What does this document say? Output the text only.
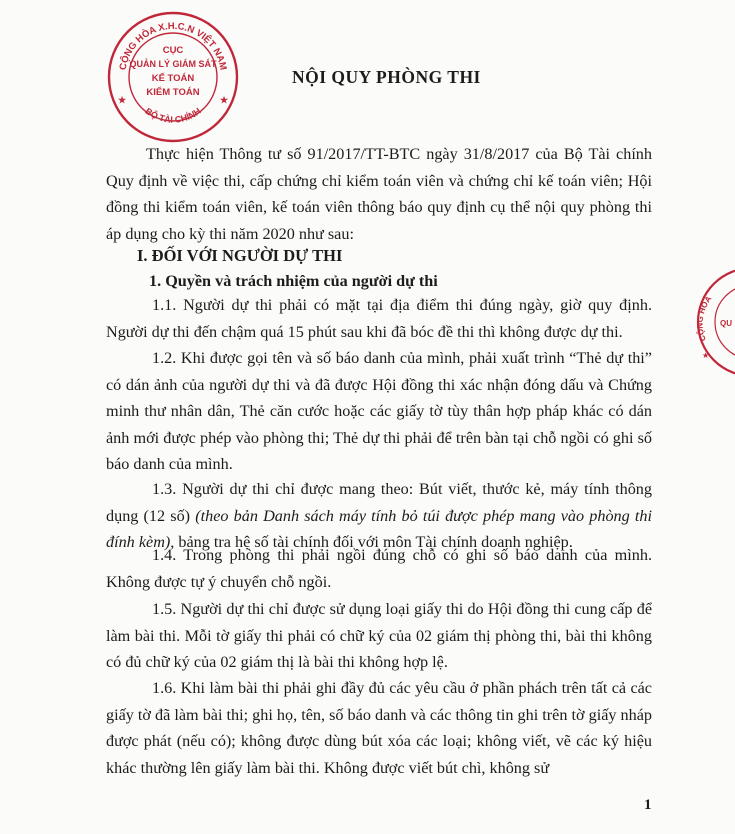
CỘNG HÒA X.H.C.N VIỆT NAM
BỘ TÀI CHÍNH
CỤC
QUẢN LÝ GIÁM SÁT
KẾ TOÁN
KIỂM TOÁN
★	★
CỘNG HÒA
QU
★
NỘI QUY PHÒNG THI

Thực hiện Thông tư số 91/2017/TT-BTC ngày 31/8/2017 của Bộ Tài chính Quy định về việc thi, cấp chứng chỉ kiểm toán viên và chứng chỉ kế toán viên; Hội đồng thi kiểm toán viên, kế toán viên thông báo quy định cụ thể nội quy phòng thi áp dụng cho kỳ thi năm 2020 như sau:

I. ĐỐI VỚI NGƯỜI DỰ THI
1. Quyền và trách nhiệm của người dự thi

1.1. Người dự thi phải có mặt tại địa điểm thi đúng ngày, giờ quy định. Người dự thi đến chậm quá 15 phút sau khi đã bóc đề thi thì không được dự thi.

1.2. Khi được gọi tên và số báo danh của mình, phải xuất trình “Thẻ dự thi” có dán ảnh của người dự thi và đã được Hội đồng thi xác nhận đóng dấu và Chứng minh thư nhân dân, Thẻ căn cước hoặc các giấy tờ tùy thân hợp pháp khác có dán ảnh mới được phép vào phòng thi; Thẻ dự thi phải để trên bàn tại chỗ ngồi có ghi số báo danh của mình.

1.3. Người dự thi chỉ được mang theo: Bút viết, thước kẻ, máy tính thông dụng (12 số) (theo bản Danh sách máy tính bỏ túi được phép mang vào phòng thi đính kèm), bảng tra hệ số tài chính đối với môn Tài chính doanh nghiệp.

1.4. Trong phòng thi phải ngồi đúng chỗ có ghi số báo danh của mình. Không được tự ý chuyển chỗ ngồi.

1.5. Người dự thi chỉ được sử dụng loại giấy thi do Hội đồng thi cung cấp để làm bài thi. Mỗi tờ giấy thi phải có chữ ký của 02 giám thị phòng thi, bài thi không có đủ chữ ký của 02 giám thị là bài thi không hợp lệ.

1.6. Khi làm bài thi phải ghi đầy đủ các yêu cầu ở phần phách trên tất cả các giấy tờ đã làm bài thi; ghi họ, tên, số báo danh và các thông tin ghi trên tờ giấy nháp được phát (nếu có); không được dùng bút xóa các loại; không viết, vẽ các ký hiệu khác thường lên giấy làm bài thi. Không được viết bút chì, không sử

1
